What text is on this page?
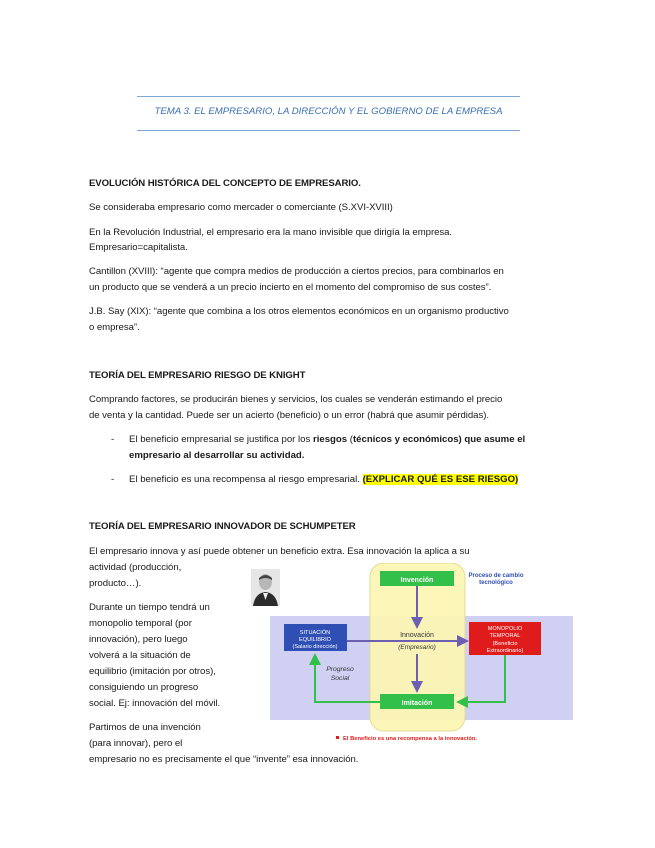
TEMA 3. EL EMPRESARIO, LA DIRECCIÓN Y EL GOBIERNO DE LA EMPRESA
EVOLUCIÓN HISTÓRICA DEL CONCEPTO DE EMPRESARIO.
Se consideraba empresario como mercader o comerciante (S.XVI-XVIII)
En la Revolución Industrial, el empresario era la mano invisible que dirigía la empresa.
Empresario=capitalista.
Cantillon (XVIII): “agente que compra medios de producción a ciertos precios, para combinarlos en
un producto que se venderá a un precio incierto en el momento del compromiso de sus costes”.
J.B. Say (XIX): “agente que combina a los otros elementos económicos en un organismo productivo
o empresa”.
TEORÍA DEL EMPRESARIO RIESGO DE KNIGHT
Comprando factores, se producirán bienes y servicios, los cuales se venderán estimando el precio
de venta y la cantidad. Puede ser un acierto (beneficio) o un error (habrá que asumir pérdidas).
- El beneficio empresarial se justifica por los riesgos (técnicos y económicos) que asume el
empresario al desarrollar su actividad.
- El beneficio es una recompensa al riesgo empresarial. (EXPLICAR QUÉ ES ESE RIESGO)
TEORÍA DEL EMPRESARIO INNOVADOR DE SCHUMPETER
El empresario innova y así puede obtener un beneficio extra. Esa innovación la aplica a su
actividad (producción,
producto…).
Durante un tiempo tendrá un
monopolio temporal (por
innovación), pero luego
volverá a la situación de
equilibrio (imitación por otros),
consiguiendo un progreso
social. Ej: innovación del móvil.
Partimos de una invención
(para innovar), pero el
empresario no es precisamente el que “invente” esa innovación.
Invención
Proceso de cambio
tecnológico
SITUACIÓN
EQUILIBRIO
(Salario dirección)
Innovación
(Empresario)
MONOPOLIO
TEMPORAL
(Beneficio
Extraordinario)
Progreso
Social
Imitación
El Beneficio es una recompensa a la innovación.
